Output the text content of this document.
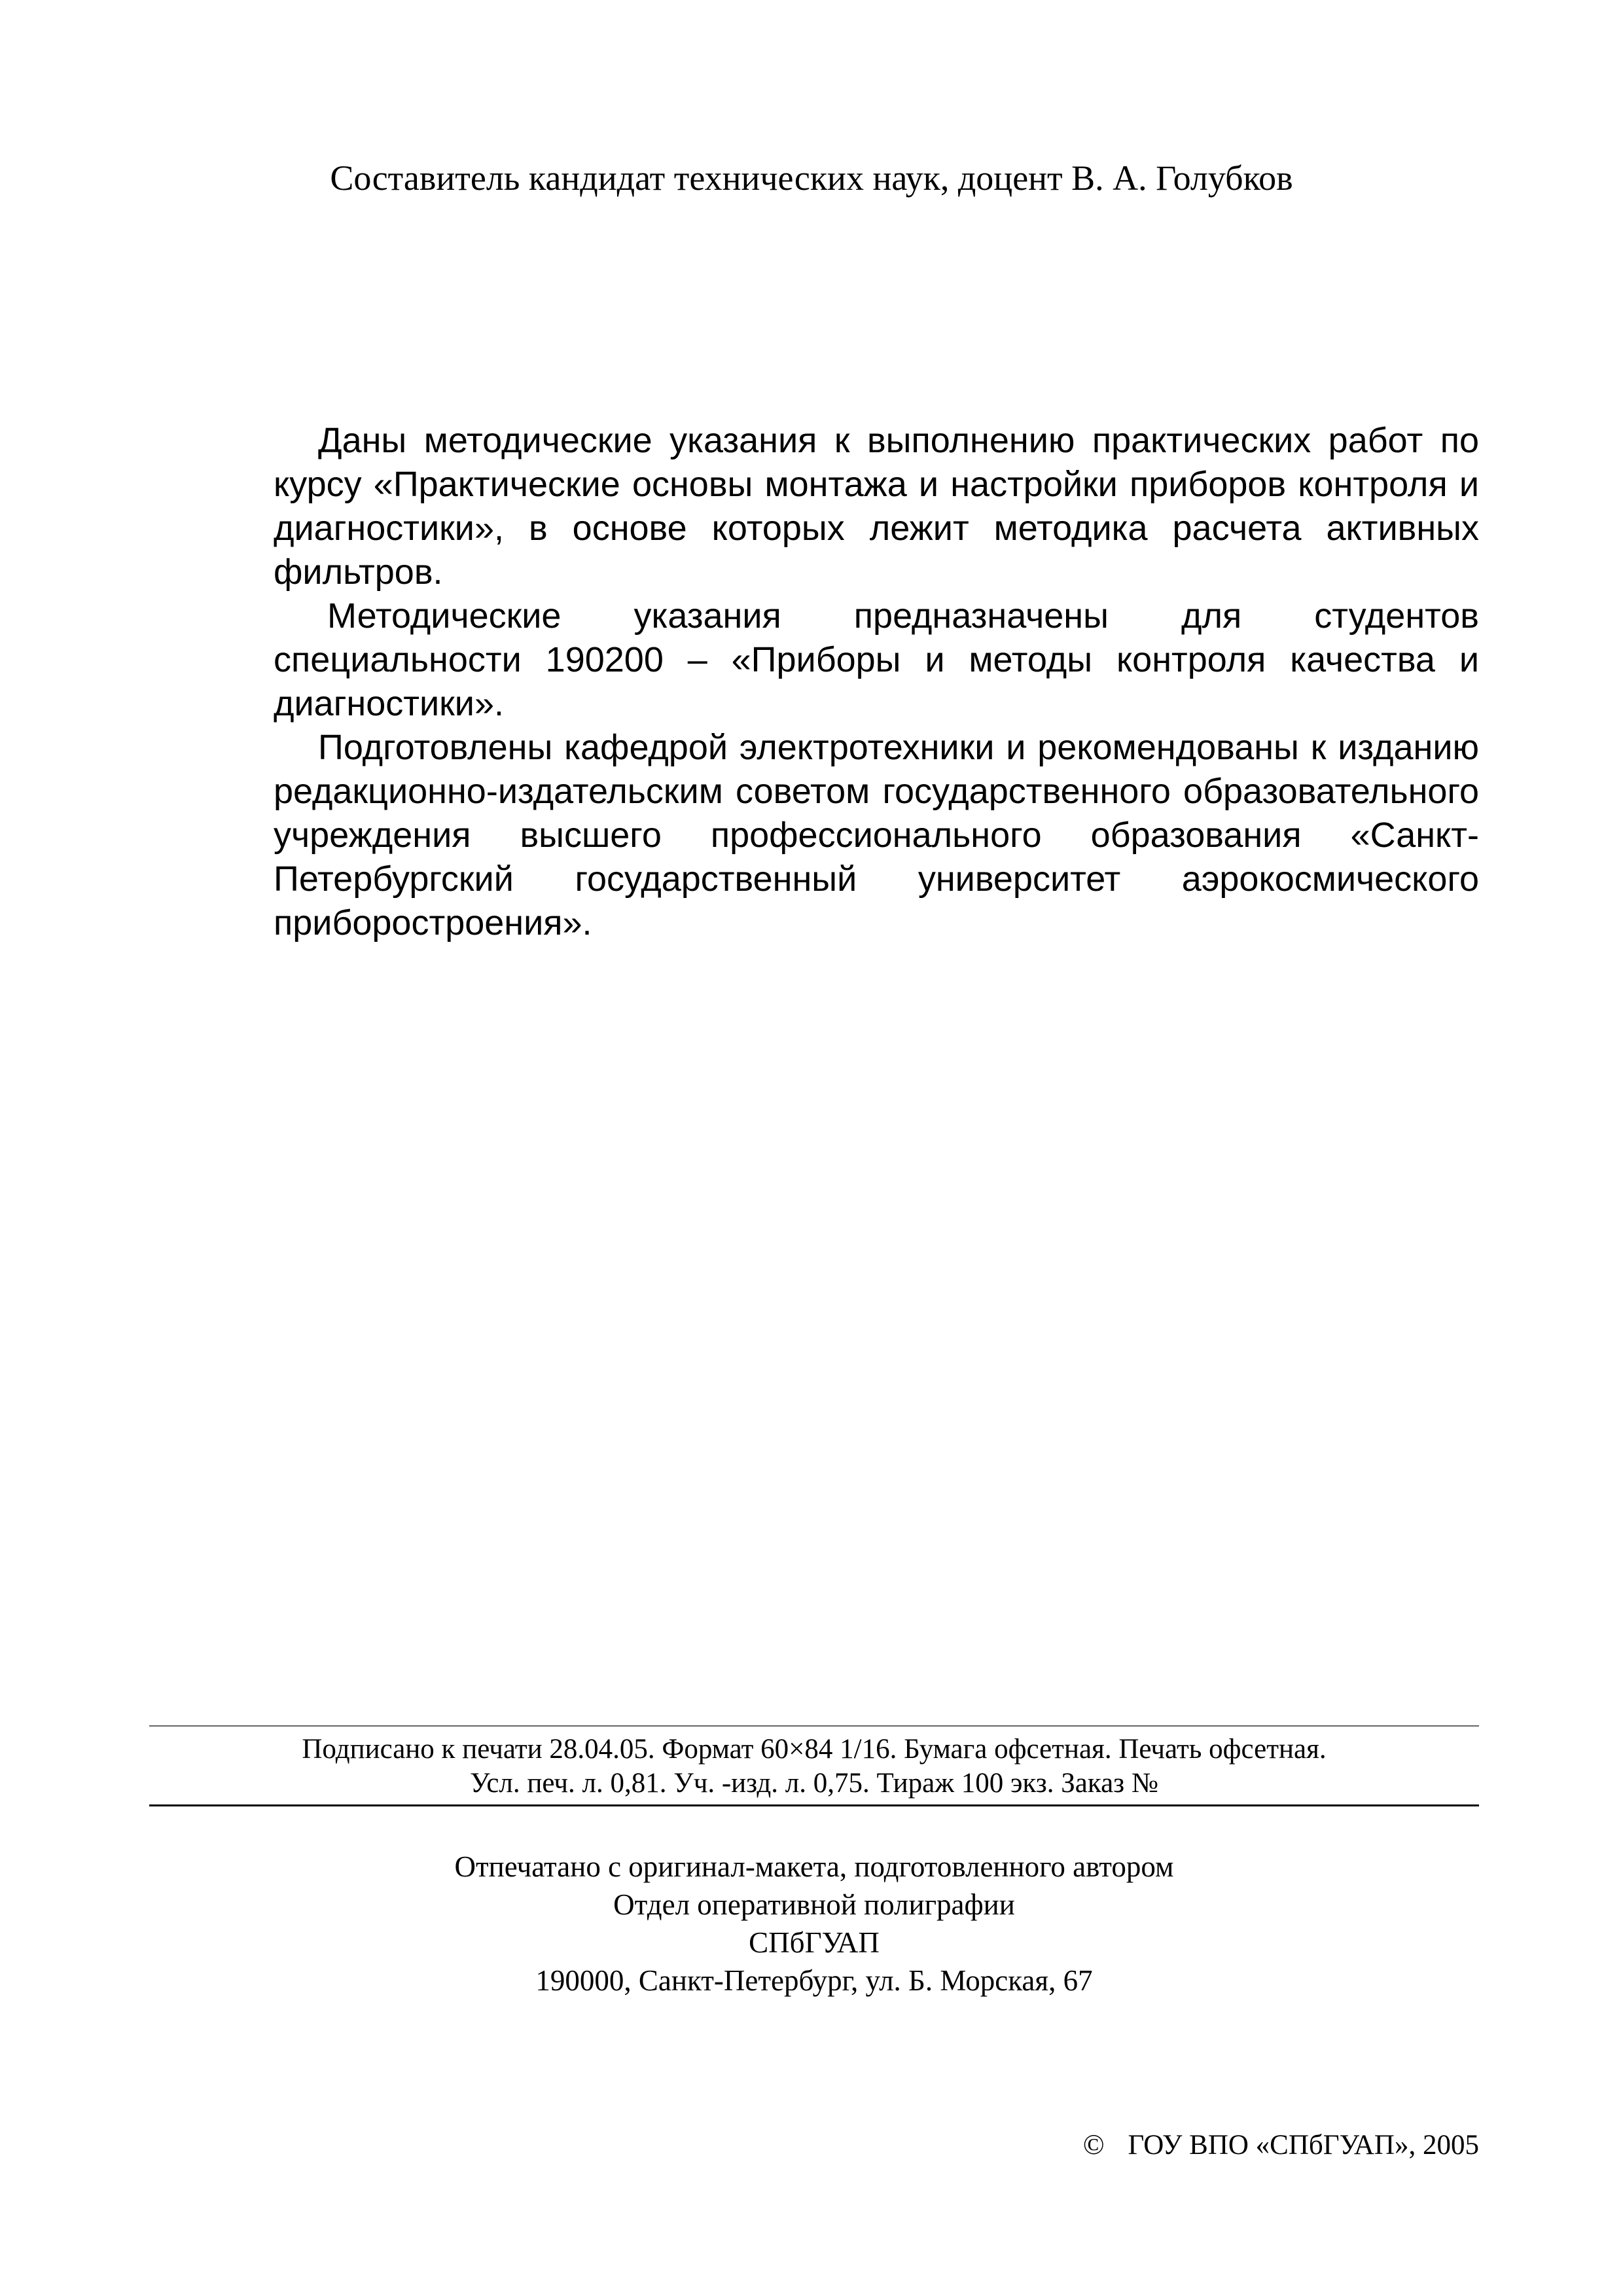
Составитель кандидат технических наук, доцент В. А. Голубков

Даны методические указания к выполнению практических работ по курсу «Практические основы монтажа и настройки приборов контроля и диагностики», в основе которых лежит методика расчета активных фильтров.

Методические указания предназначены для студентов специальности 190200 – «Приборы и методы контроля качества и диагностики».

Подготовлены кафедрой электротехники и рекомендованы к изданию редакционно-издательским советом государственного образовательного учреждения высшего профессионального образования «Санкт-Петербургский государственный университет аэрокосмического приборостроения».

Подписано к печати 28.04.05. Формат 60×84 1/16. Бумага офсетная. Печать офсетная.
Усл. печ. л. 0,81. Уч. -изд. л. 0,75. Тираж 100 экз. Заказ №
Отпечатано с оригинал-макета, подготовленного автором
Отдел оперативной полиграфии
СПбГУАП
190000, Санкт-Петербург, ул. Б. Морская, 67
© ГОУ ВПО «СПбГУАП», 2005
